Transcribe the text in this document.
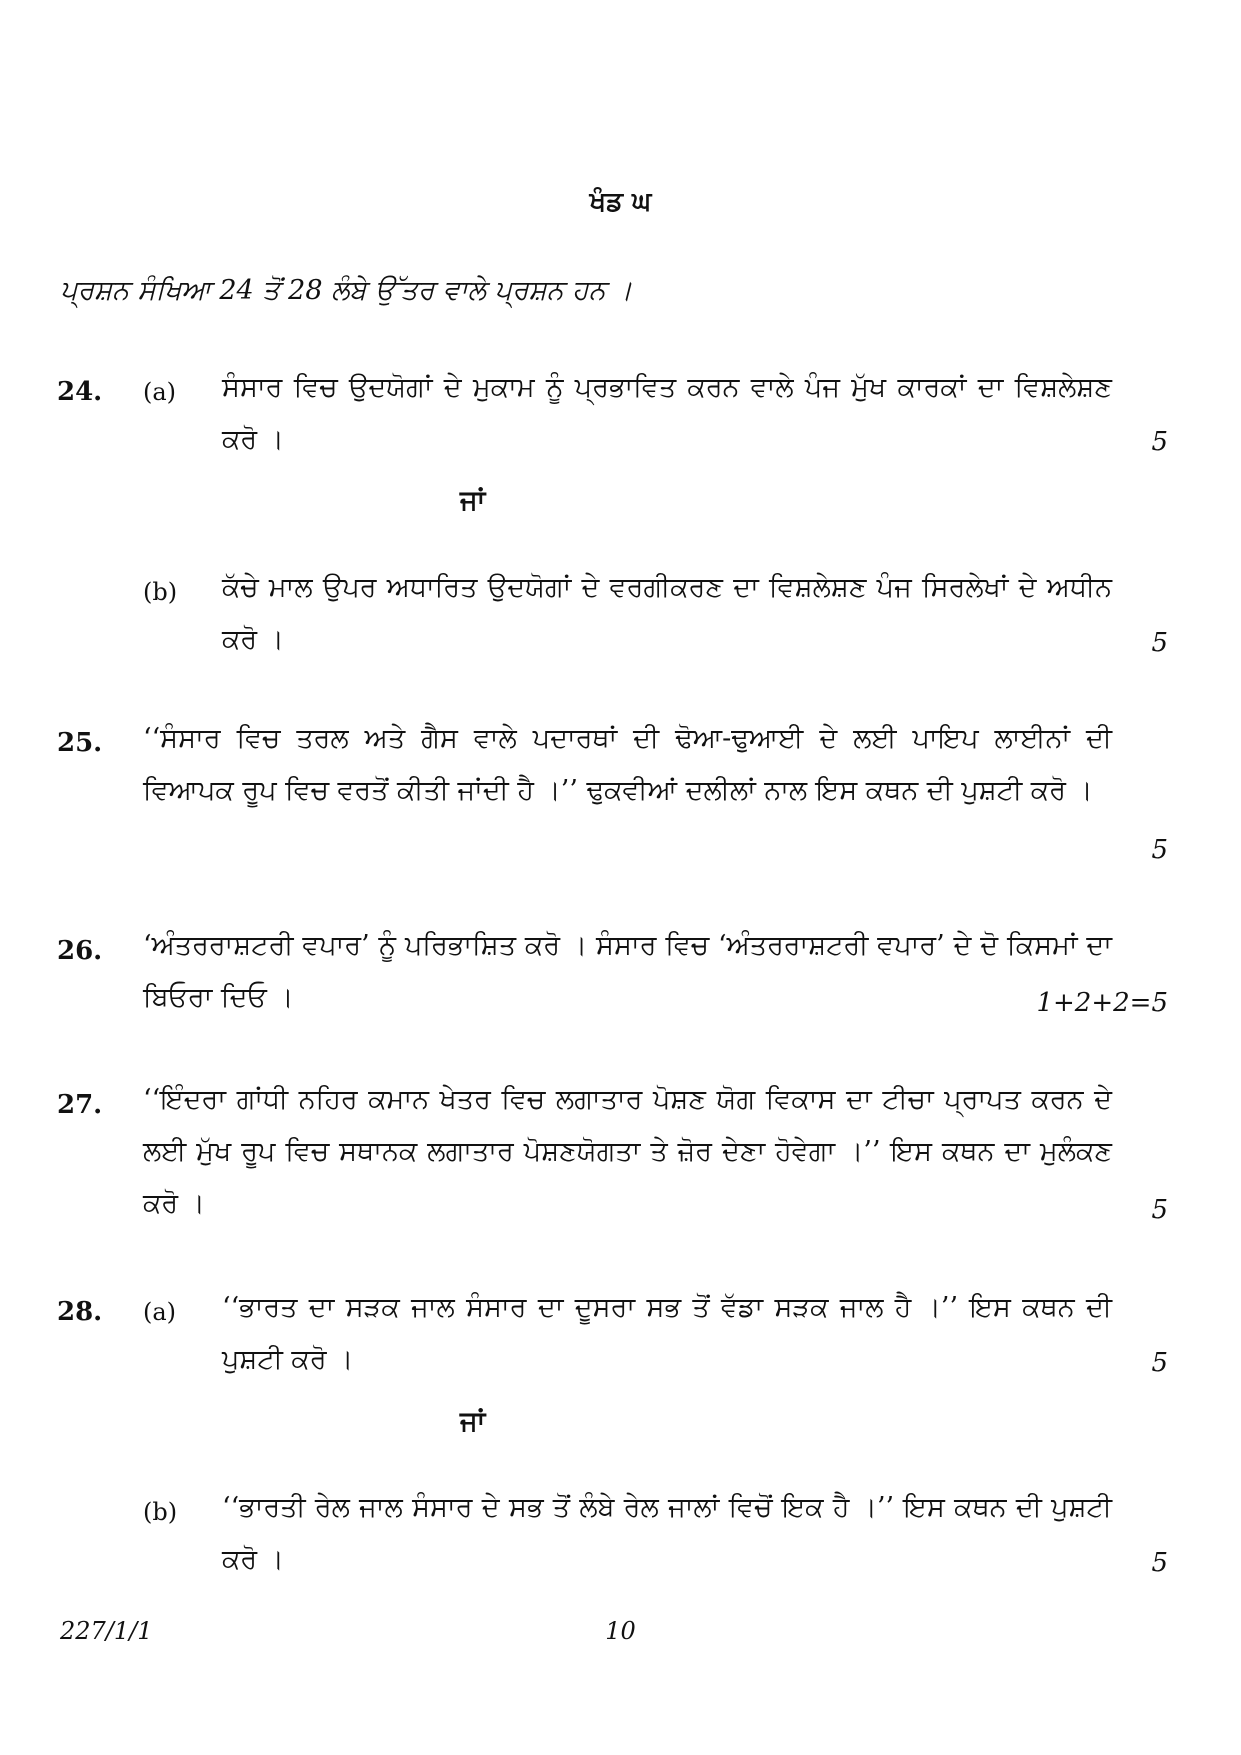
ਖੰਡ ਘ
ਪ੍ਰਸ਼ਨ ਸੰਖਿਆ 24 ਤੋਂ 28 ਲੰਬੇ ਉੱਤਰ ਵਾਲੇ ਪ੍ਰਸ਼ਨ ਹਨ ।
24. (a) ਸੰਸਾਰ ਵਿਚ ਉਦਯੋਗਾਂ ਦੇ ਮੁਕਾਮ ਨੂੰ ਪ੍ਰਭਾਵਿਤ ਕਰਨ ਵਾਲੇ ਪੰਜ ਮੁੱਖ ਕਾਰਕਾਂ ਦਾ ਵਿਸ਼ਲੇਸ਼ਣ ਕਰੋ ।	5
ਜਾਂ
(b) ਕੱਚੇ ਮਾਲ ਉਪਰ ਅਧਾਰਿਤ ਉਦਯੋਗਾਂ ਦੇ ਵਰਗੀਕਰਣ ਦਾ ਵਿਸ਼ਲੇਸ਼ਣ ਪੰਜ ਸਿਰਲੇਖਾਂ ਦੇ ਅਧੀਨ ਕਰੋ ।	5
25. ‘‘ਸੰਸਾਰ ਵਿਚ ਤਰਲ ਅਤੇ ਗੈਸ ਵਾਲੇ ਪਦਾਰਥਾਂ ਦੀ ਢੋਆ-ਢੁਆਈ ਦੇ ਲਈ ਪਾਇਪ ਲਾਈਨਾਂ ਦੀ ਵਿਆਪਕ ਰੂਪ ਵਿਚ ਵਰਤੋਂ ਕੀਤੀ ਜਾਂਦੀ ਹੈ ।’’ ਢੁਕਵੀਆਂ ਦਲੀਲਾਂ ਨਾਲ ਇਸ ਕਥਨ ਦੀ ਪੁਸ਼ਟੀ ਕਰੋ ।
5
26. ‘ਅੰਤਰਰਾਸ਼ਟਰੀ ਵਪਾਰ’ ਨੂੰ ਪਰਿਭਾਸ਼ਿਤ ਕਰੋ । ਸੰਸਾਰ ਵਿਚ ‘ਅੰਤਰਰਾਸ਼ਟਰੀ ਵਪਾਰ’ ਦੇ ਦੋ ਕਿਸਮਾਂ ਦਾ ਬਿਓਰਾ ਦਿਓ ।	1+2+2=5
27. ‘‘ਇੰਦਰਾ ਗਾਂਧੀ ਨਹਿਰ ਕਮਾਨ ਖੇਤਰ ਵਿਚ ਲਗਾਤਾਰ ਪੋਸ਼ਣ ਯੋਗ ਵਿਕਾਸ ਦਾ ਟੀਚਾ ਪ੍ਰਾਪਤ ਕਰਨ ਦੇ ਲਈ ਮੁੱਖ ਰੂਪ ਵਿਚ ਸਥਾਨਕ ਲਗਾਤਾਰ ਪੋਸ਼ਣਯੋਗਤਾ ਤੇ ਜ਼ੋਰ ਦੇਣਾ ਹੋਵੇਗਾ ।’’ ਇਸ ਕਥਨ ਦਾ ਮੁਲੰਕਣ ਕਰੋ ।	5
28. (a) ‘‘ਭਾਰਤ ਦਾ ਸੜਕ ਜਾਲ ਸੰਸਾਰ ਦਾ ਦੂਸਰਾ ਸਭ ਤੋਂ ਵੱਡਾ ਸੜਕ ਜਾਲ ਹੈ ।’’ ਇਸ ਕਥਨ ਦੀ ਪੁਸ਼ਟੀ ਕਰੋ ।	5
ਜਾਂ
(b) ‘‘ਭਾਰਤੀ ਰੇਲ ਜਾਲ ਸੰਸਾਰ ਦੇ ਸਭ ਤੋਂ ਲੰਬੇ ਰੇਲ ਜਾਲਾਂ ਵਿਚੋਂ ਇਕ ਹੈ ।’’ ਇਸ ਕਥਨ ਦੀ ਪੁਸ਼ਟੀ ਕਰੋ ।	5
227/1/1	10
